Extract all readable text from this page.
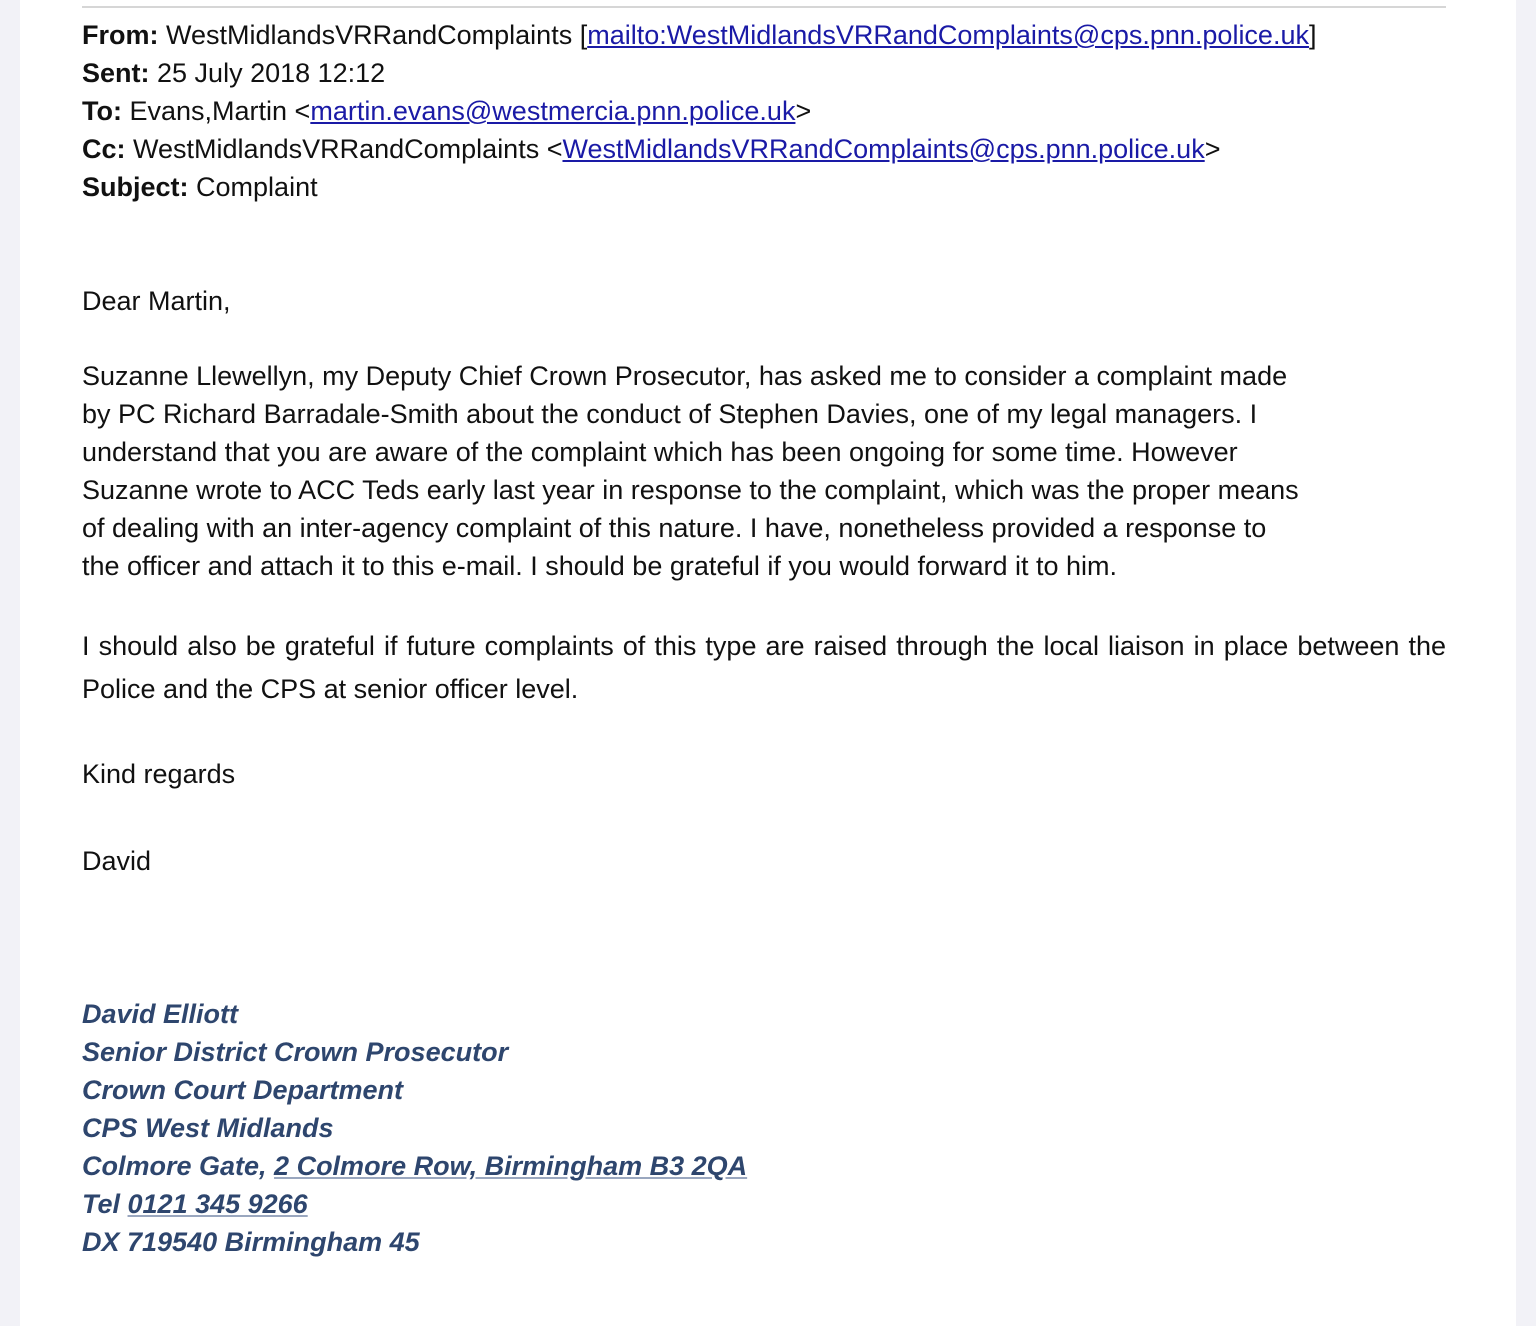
From: WestMidlandsVRRandComplaints [mailto:WestMidlandsVRRandComplaints@cps.pnn.police.uk]
Sent: 25 July 2018 12:12
To: Evans,Martin <martin.evans@westmercia.pnn.police.uk>
Cc: WestMidlandsVRRandComplaints <WestMidlandsVRRandComplaints@cps.pnn.police.uk>
Subject: Complaint
Dear Martin,
Suzanne Llewellyn, my Deputy Chief Crown Prosecutor, has asked me to consider a complaint made
by PC Richard Barradale-Smith about the conduct of Stephen Davies, one of my legal managers. I
understand that you are aware of the complaint which has been ongoing for some time. However
Suzanne wrote to ACC Teds early last year in response to the complaint, which was the proper means
of dealing with an inter-agency complaint of this nature. I have, nonetheless provided a response to
the officer and attach it to this e-mail. I should be grateful if you would forward it to him.
I should also be grateful if future complaints of this type are raised through the local liaison in place between the Police and the CPS at senior officer level.
Kind regards
David
David Elliott
Senior District Crown Prosecutor
Crown Court Department
CPS West Midlands
Colmore Gate, 2 Colmore Row, Birmingham B3 2QA
Tel 0121 345 9266
DX 719540 Birmingham 45
